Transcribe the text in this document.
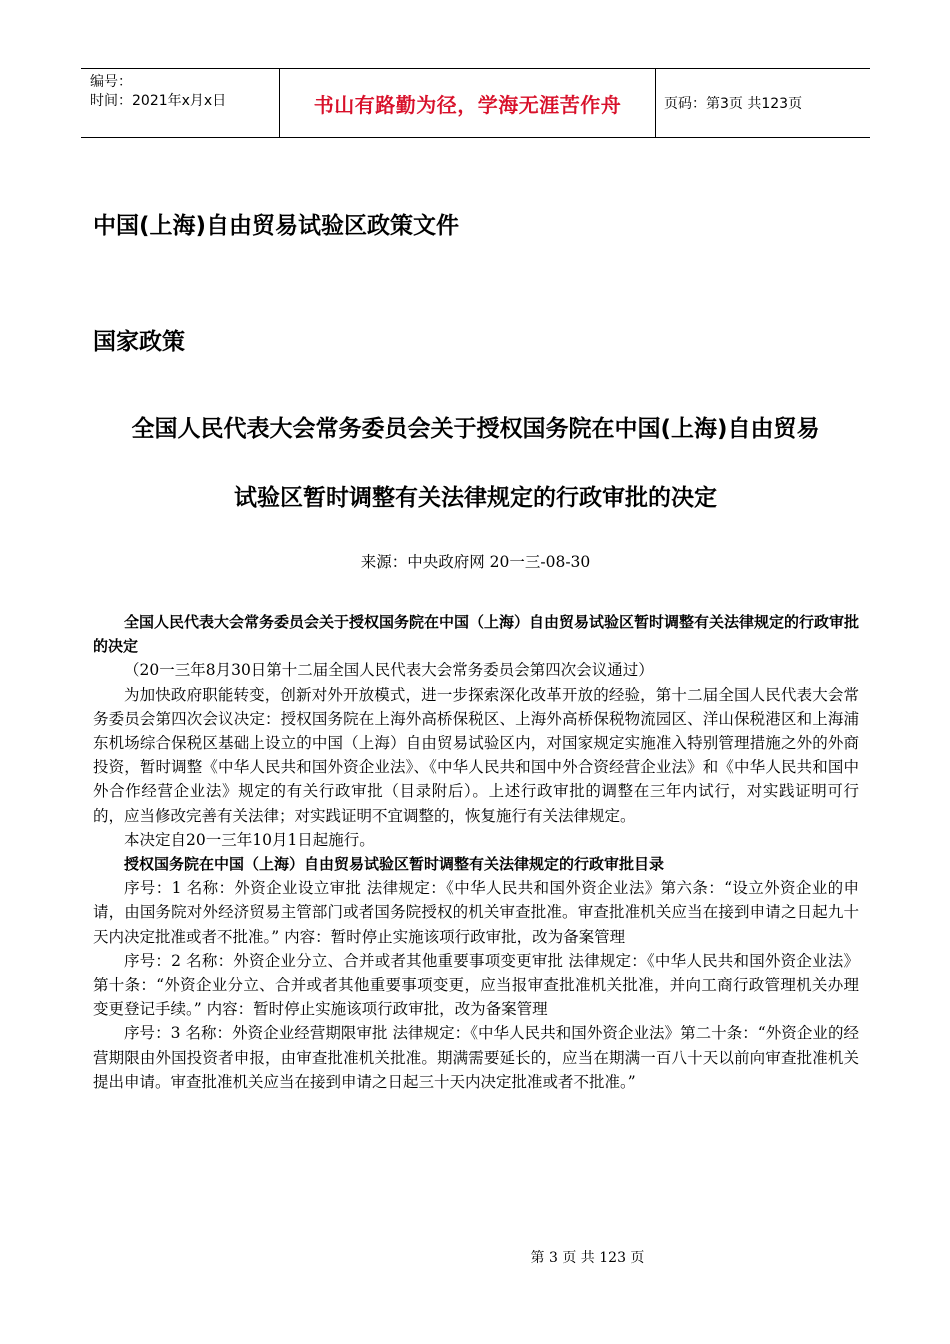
编号：
时间：2021年x月x日	书山有路勤为径，学海无涯苦作舟	页码：第3页 共123页
中国(上海)自由贸易试验区政策文件
国家政策
全国人民代表大会常务委员会关于授权国务院在中国(上海)自由贸易
试验区暂时调整有关法律规定的行政审批的决定
来源：中央政府网 20一三-08-30

全国人民代表大会常务委员会关于授权国务院在中国（上海）自由贸易试验区暂时调整有关法律规定的行政审批的决定

（20一三年8月30日第十二届全国人民代表大会常务委员会第四次会议通过）

为加快政府职能转变，创新对外开放模式，进一步探索深化改革开放的经验，第十二届全国人民代表大会常务委员会第四次会议决定：授权国务院在上海外高桥保税区、上海外高桥保税物流园区、洋山保税港区和上海浦东机场综合保税区基础上设立的中国（上海）自由贸易试验区内，对国家规定实施准入特别管理措施之外的外商投资，暂时调整《中华人民共和国外资企业法》、《中华人民共和国中外合资经营企业法》和《中华人民共和国中外合作经营企业法》规定的有关行政审批（目录附后）。上述行政审批的调整在三年内试行，对实践证明可行的，应当修改完善有关法律；对实践证明不宜调整的，恢复施行有关法律规定。

本决定自20一三年10月1日起施行。

授权国务院在中国（上海）自由贸易试验区暂时调整有关法律规定的行政审批目录

序号：1 名称：外资企业设立审批 法律规定：《中华人民共和国外资企业法》第六条：“设立外资企业的申请，由国务院对外经济贸易主管部门或者国务院授权的机关审查批准。审查批准机关应当在接到申请之日起九十天内决定批准或者不批准。” 内容：暂时停止实施该项行政审批，改为备案管理

序号：2 名称：外资企业分立、合并或者其他重要事项变更审批 法律规定：《中华人民共和国外资企业法》第十条：“外资企业分立、合并或者其他重要事项变更，应当报审查批准机关批准，并向工商行政管理机关办理变更登记手续。” 内容：暂时停止实施该项行政审批，改为备案管理

序号：3 名称：外资企业经营期限审批 法律规定：《中华人民共和国外资企业法》第二十条：“外资企业的经营期限由外国投资者申报，由审查批准机关批准。期满需要延长的，应当在期满一百八十天以前向审查批准机关提出申请。审查批准机关应当在接到申请之日起三十天内决定批准或者不批准。”

第 3 页 共 123 页
